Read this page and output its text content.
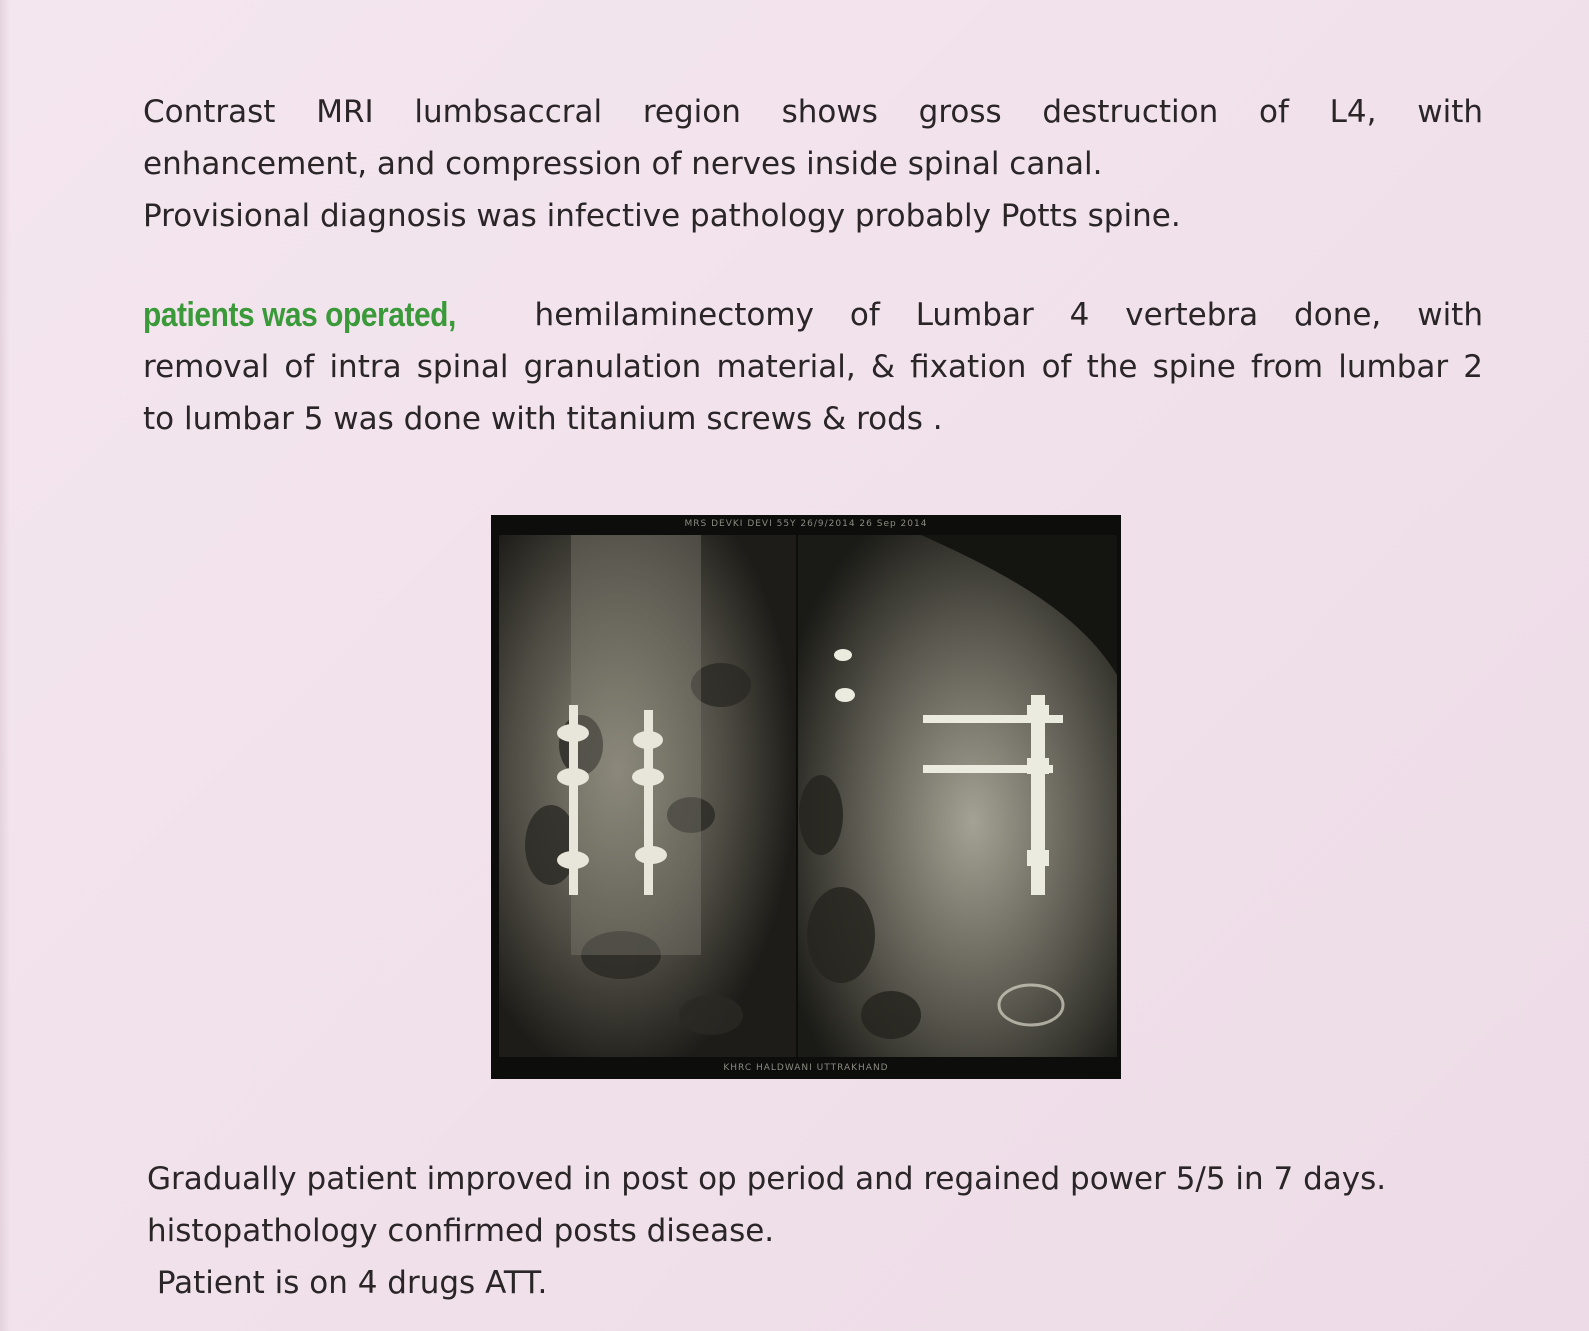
Contrast MRI lumbsaccral region shows gross destruction of L4, with
enhancement, and compression of nerves inside spinal canal.
Provisional diagnosis was infective pathology probably Potts spine.
patients was operated,	hemilaminectomy of Lumbar 4 vertebra done, with
removal of intra spinal granulation material, & fixation of the spine from lumbar 2
to lumbar 5 was done with titanium screws & rods .
MRS DEVKI DEVI 55Y 26/9/2014 26 Sep 2014
KHRC HALDWANI UTTRAKHAND
Gradually patient improved in post op period and regained power 5/5 in 7 days.
histopathology confirmed posts disease.
Patient is on 4 drugs ATT.
